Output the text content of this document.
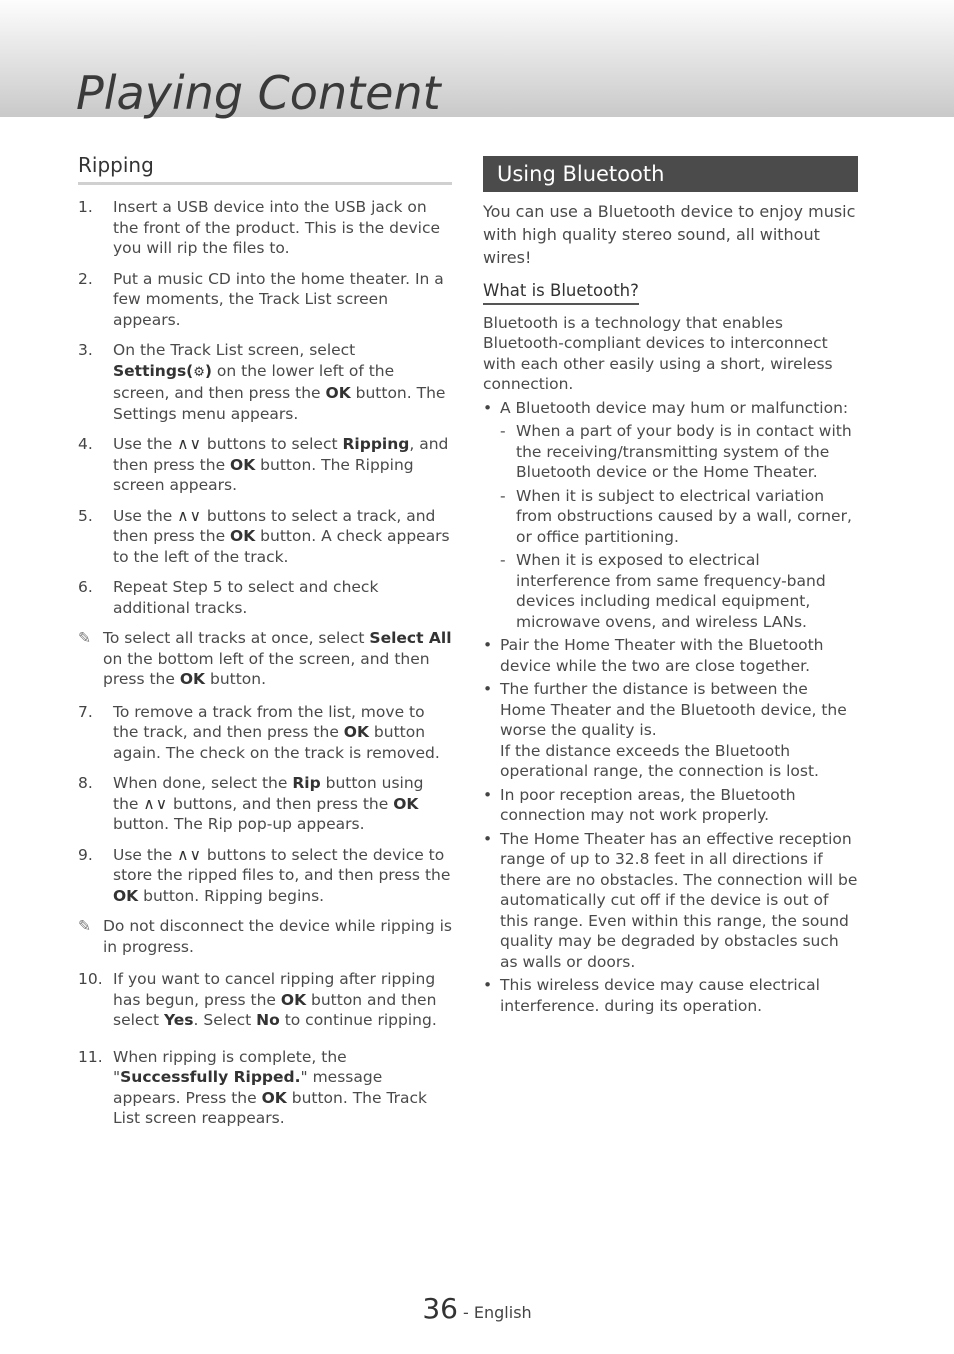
Playing Content
Ripping
1.	Insert a USB device into the USB jack on the front of the product. This is the device you will rip the files to.
2.	Put a music CD into the home theater. In a few moments, the Track List screen appears.
3.	On the Track List screen, select Settings(⚙) on the lower left of the screen, and then press the OK button. The Settings menu appears.
4.	Use the ∧∨ buttons to select Ripping, and then press the OK button. The Ripping screen appears.
5.	Use the ∧∨ buttons to select a track, and then press the OK button. A check appears to the left of the track.
6.	Repeat Step 5 to select and check additional tracks.
✎ To select all tracks at once, select Select All on the bottom left of the screen, and then press the OK button.
7.	To remove a track from the list, move to the track, and then press the OK button again. The check on the track is removed.
8.	When done, select the Rip button using the ∧∨ buttons, and then press the OK button. The Rip pop-up appears.
9.	Use the ∧∨ buttons to select the device to store the ripped files to, and then press the OK button. Ripping begins.
✎ Do not disconnect the device while ripping is in progress.
10. If you want to cancel ripping after ripping has begun, press the OK button and then select Yes. Select No to continue ripping.
11. When ripping is complete, the "Successfully Ripped." message appears. Press the OK button. The Track List screen reappears.
Using Bluetooth
You can use a Bluetooth device to enjoy music with high quality stereo sound, all without wires!
What is Bluetooth?
Bluetooth is a technology that enables Bluetooth-compliant devices to interconnect with each other easily using a short, wireless connection.
• A Bluetooth device may hum or malfunction:
- When a part of your body is in contact with the receiving/transmitting system of the Bluetooth device or the Home Theater.
- When it is subject to electrical variation from obstructions caused by a wall, corner, or office partitioning.
- When it is exposed to electrical interference from same frequency-band devices including medical equipment, microwave ovens, and wireless LANs.
• Pair the Home Theater with the Bluetooth device while the two are close together.
• The further the distance is between the Home Theater and the Bluetooth device, the worse the quality is.
If the distance exceeds the Bluetooth operational range, the connection is lost.
• In poor reception areas, the Bluetooth connection may not work properly.
• The Home Theater has an effective reception range of up to 32.8 feet in all directions if there are no obstacles. The connection will be automatically cut off if the device is out of this range. Even within this range, the sound quality may be degraded by obstacles such as walls or doors.
• This wireless device may cause electrical interference. during its operation.
36 - English
